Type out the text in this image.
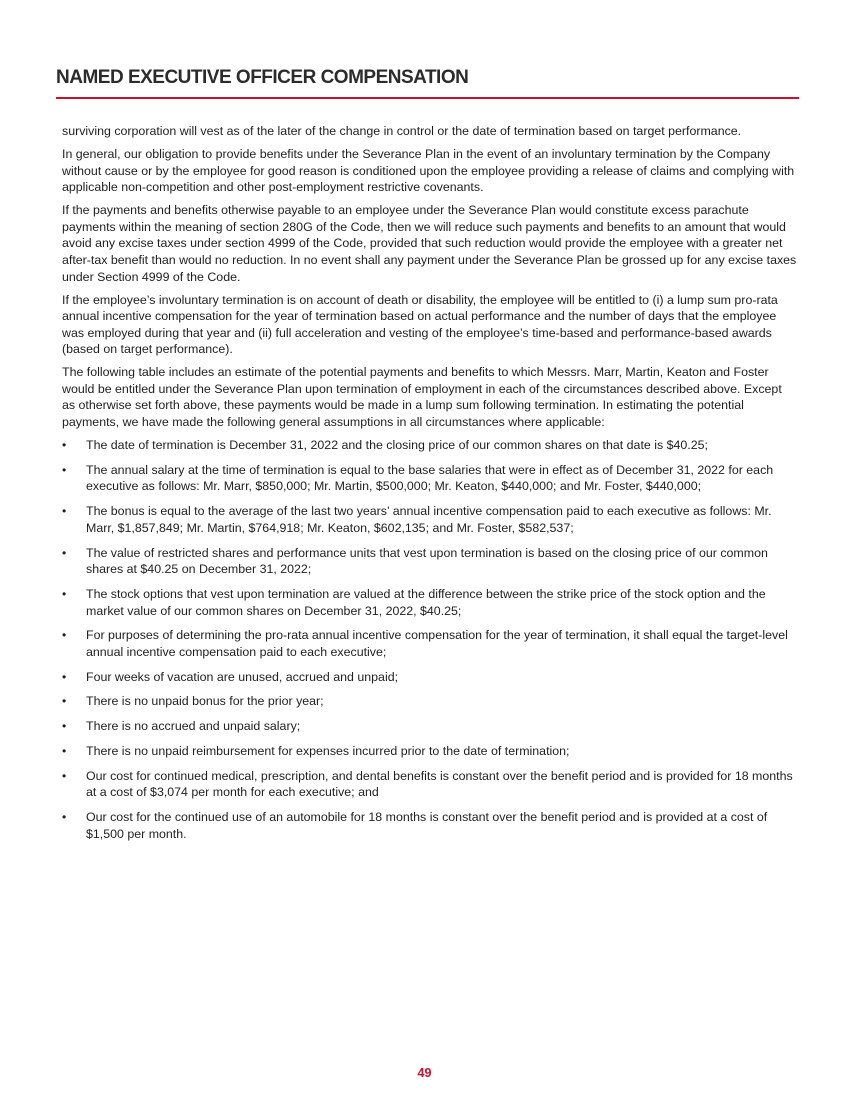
NAMED EXECUTIVE OFFICER COMPENSATION

surviving corporation will vest as of the later of the change in control or the date of termination based on target performance.

In general, our obligation to provide benefits under the Severance Plan in the event of an involuntary termination by the Company without cause or by the employee for good reason is conditioned upon the employee providing a release of claims and complying with applicable non-competition and other post-employment restrictive covenants.

If the payments and benefits otherwise payable to an employee under the Severance Plan would constitute excess parachute payments within the meaning of section 280G of the Code, then we will reduce such payments and benefits to an amount that would avoid any excise taxes under section 4999 of the Code, provided that such reduction would provide the employee with a greater net after-tax benefit than would no reduction. In no event shall any payment under the Severance Plan be grossed up for any excise taxes under Section 4999 of the Code.

If the employee’s involuntary termination is on account of death or disability, the employee will be entitled to (i) a lump sum pro-rata annual incentive compensation for the year of termination based on actual performance and the number of days that the employee was employed during that year and (ii) full acceleration and vesting of the employee’s time-based and performance-based awards (based on target performance).

The following table includes an estimate of the potential payments and benefits to which Messrs. Marr, Martin, Keaton and Foster would be entitled under the Severance Plan upon termination of employment in each of the circumstances described above. Except as otherwise set forth above, these payments would be made in a lump sum following termination. In estimating the potential payments, we have made the following general assumptions in all circumstances where applicable:

•	The date of termination is December 31, 2022 and the closing price of our common shares on that date is $40.25;
•	The annual salary at the time of termination is equal to the base salaries that were in effect as of December 31, 2022 for each executive as follows: Mr. Marr, $850,000; Mr. Martin, $500,000; Mr. Keaton, $440,000; and Mr. Foster, $440,000;
•	The bonus is equal to the average of the last two years’ annual incentive compensation paid to each executive as follows: Mr. Marr, $1,857,849; Mr. Martin, $764,918; Mr. Keaton, $602,135; and Mr. Foster, $582,537;
•	The value of restricted shares and performance units that vest upon termination is based on the closing price of our common shares at $40.25 on December 31, 2022;
•	The stock options that vest upon termination are valued at the difference between the strike price of the stock option and the market value of our common shares on December 31, 2022, $40.25;
•	For purposes of determining the pro-rata annual incentive compensation for the year of termination, it shall equal the target-level annual incentive compensation paid to each executive;
•	Four weeks of vacation are unused, accrued and unpaid;
•	There is no unpaid bonus for the prior year;
•	There is no accrued and unpaid salary;
•	There is no unpaid reimbursement for expenses incurred prior to the date of termination;
•	Our cost for continued medical, prescription, and dental benefits is constant over the benefit period and is provided for 18 months at a cost of $3,074 per month for each executive; and
•	Our cost for the continued use of an automobile for 18 months is constant over the benefit period and is provided at a cost of $1,500 per month.
49
